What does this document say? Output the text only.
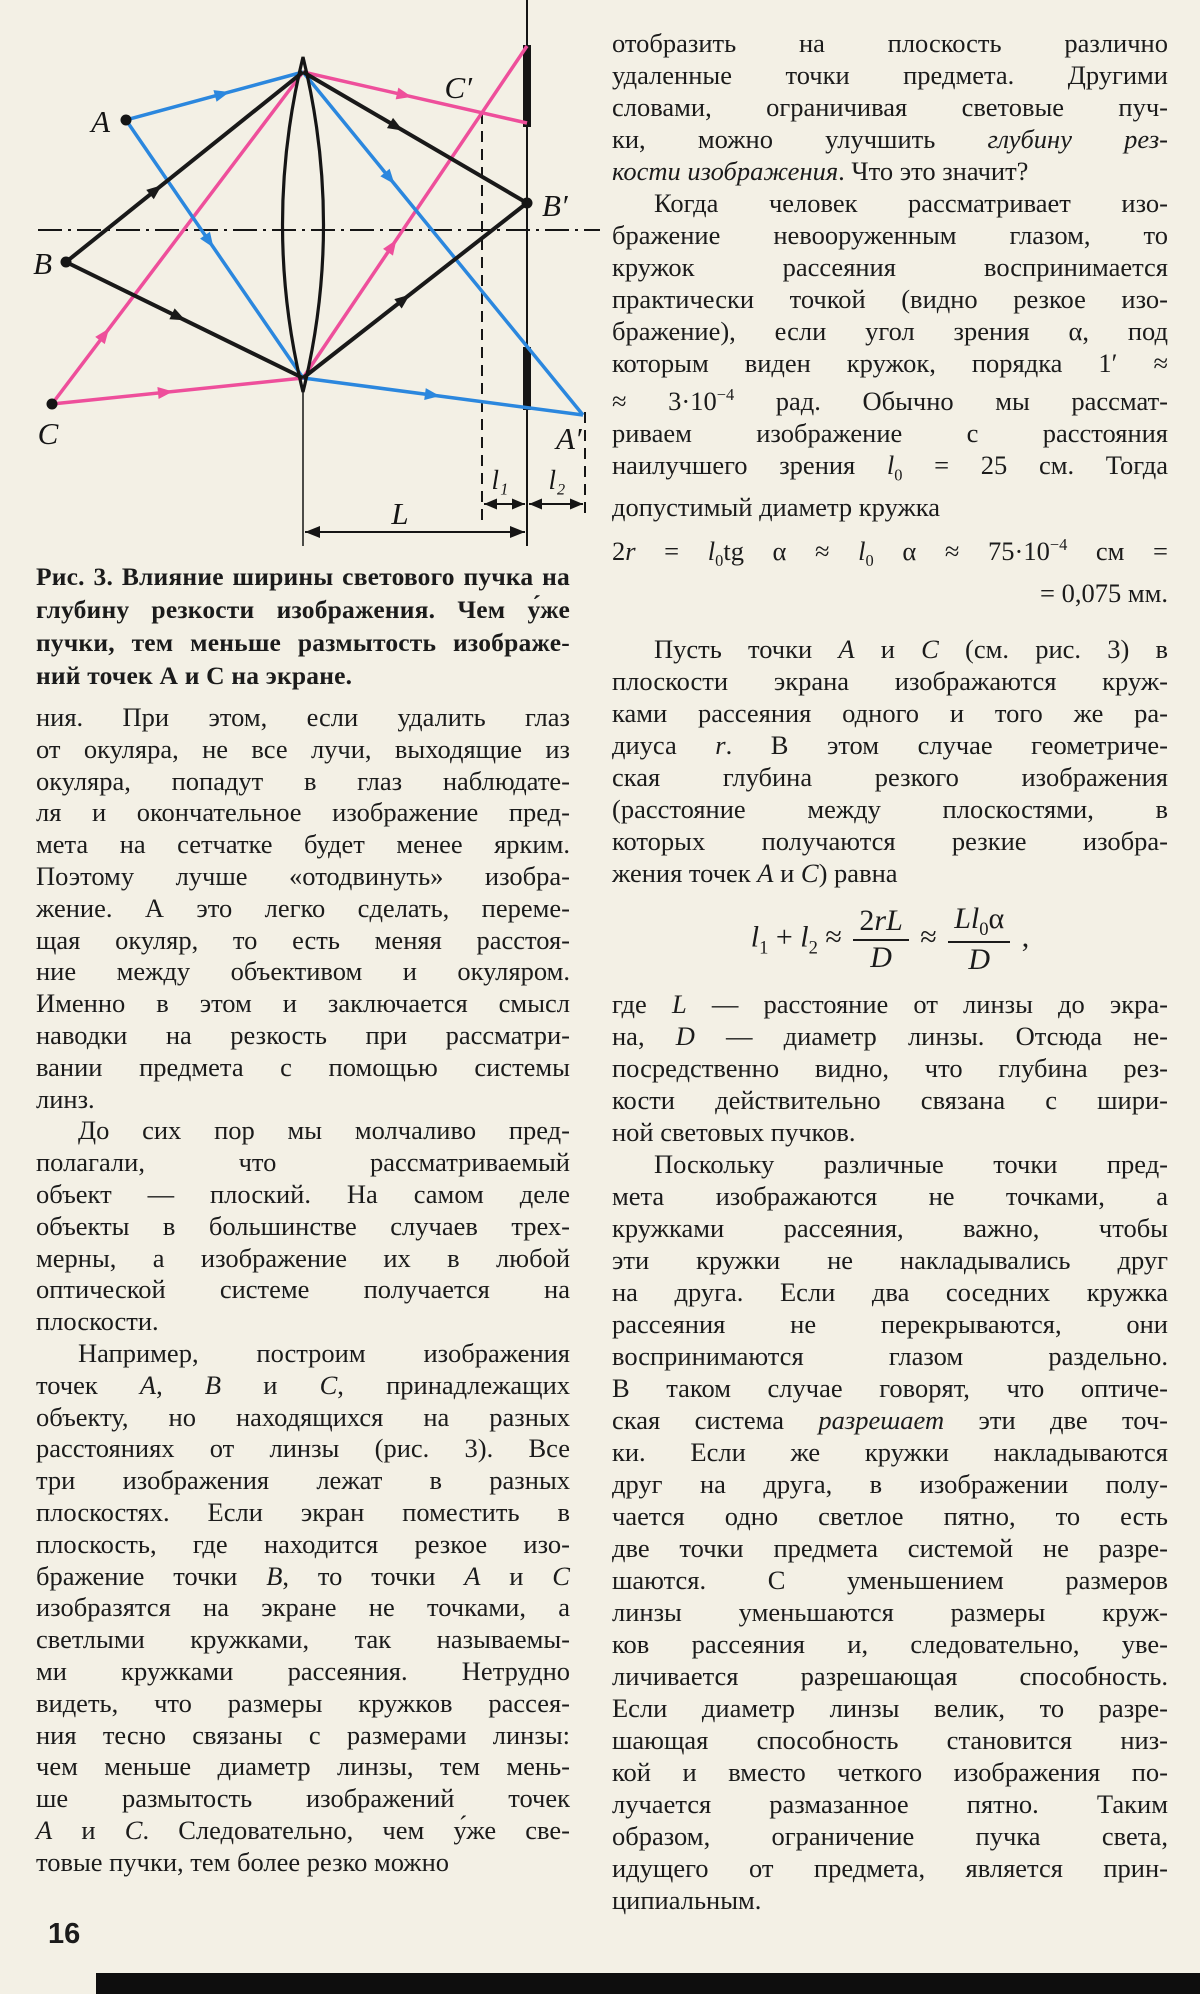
A
B
C
C′
B′
A′
l₁ l₂
L
Рис. 3. Влияние ширины светового пучка на
глубину резкости изображения. Чем у́же
пучки, тем меньше размытость изображе-
ний точек А и С на экране.
ния. При этом, если удалить глаз
от окуляра, не все лучи, выходящие из
окуляра, попадут в глаз наблюдате-
ля и окончательное изображение пред-
мета на сетчатке будет менее ярким.
Поэтому лучше «отодвинуть» изобра-
жение. А это легко сделать, переме-
щая окуляр, то есть меняя расстоя-
ние между объективом и окуляром.
Именно в этом и заключается смысл
наводки на резкость при рассматри-
вании предмета с помощью системы
линз.
До сих пор мы молчаливо пред-
полагали, что рассматриваемый
объект — плоский. На самом деле
объекты в большинстве случаев трех-
мерны, а изображение их в любой
оптической системе получается на
плоскости.
Например, построим изображения
точек А, В и С, принадлежащих
объекту, но находящихся на разных
расстояниях от линзы (рис. 3). Все
три изображения лежат в разных
плоскостях. Если экран поместить в
плоскость, где находится резкое изо-
бражение точки В, то точки А и С
изобразятся на экране не точками, а
светлыми кружками, так называемы-
ми кружками рассеяния. Нетрудно
видеть, что размеры кружков рассея-
ния тесно связаны с размерами линзы:
чем меньше диаметр линзы, тем мень-
ше размытость изображений точек
А и С. Следовательно, чем у́же све-
товые пучки, тем более резко можно
отобразить на плоскость различно
удаленные точки предмета. Другими
словами, ограничивая световые пуч-
ки, можно улучшить глубину рез-
кости изображения. Что это значит?
Когда человек рассматривает изо-
бражение невооруженным глазом, то
кружок рассеяния воспринимается
практически точкой (видно резкое изо-
бражение), если угол зрения α, под
которым виден кружок, порядка 1′ ≈
≈ $3\cdot 10^{-4}$ рад. Обычно мы рассмат-
риваем изображение с расстояния
наилучшего зрения $l_0 = 25$ см. Тогда
допустимый диаметр кружка
$2r = l_0tg$ $\alpha \approx l_0$ $\alpha \approx 75\cdot 10^{-4}$ см =
= 0,075 мм.
Пусть точки А и С (см. рис. 3) в
плоскости экрана изображаются круж-
ками рассеяния одного и того же ра-
диуса r. В этом случае геометриче-
ская глубина резкого изображения
(расстояние между плоскостями, в
которых получаются резкие изобра-
жения точек А и С) равна
$l_1 + l_2 \approx \frac{2rL}{D} \approx \frac{Ll_0\alpha}{D}$ ,
где L — расстояние от линзы до экра-
на, D — диаметр линзы. Отсюда не-
посредственно видно, что глубина рез-
кости действительно связана с шири-
ной световых пучков.
Поскольку различные точки пред-
мета изображаются не точками, а
кружками рассеяния, важно, чтобы
эти кружки не накладывались друг
на друга. Если два соседних кружка
рассеяния не перекрываются, они
воспринимаются глазом раздельно.
В таком случае говорят, что оптиче-
ская система разрешает эти две точ-
ки. Если же кружки накладываются
друг на друга, в изображении полу-
чается одно светлое пятно, то есть
две точки предмета системой не разре-
шаются. С уменьшением размеров
линзы уменьшаются размеры круж-
ков рассеяния и, следовательно, уве-
личивается разрешающая способность.
Если диаметр линзы велик, то разре-
шающая способность становится низ-
кой и вместо четкого изображения по-
лучается размазанное пятно. Таким
образом, ограничение пучка света,
идущего от предмета, является прин-
ципиальным.
16
